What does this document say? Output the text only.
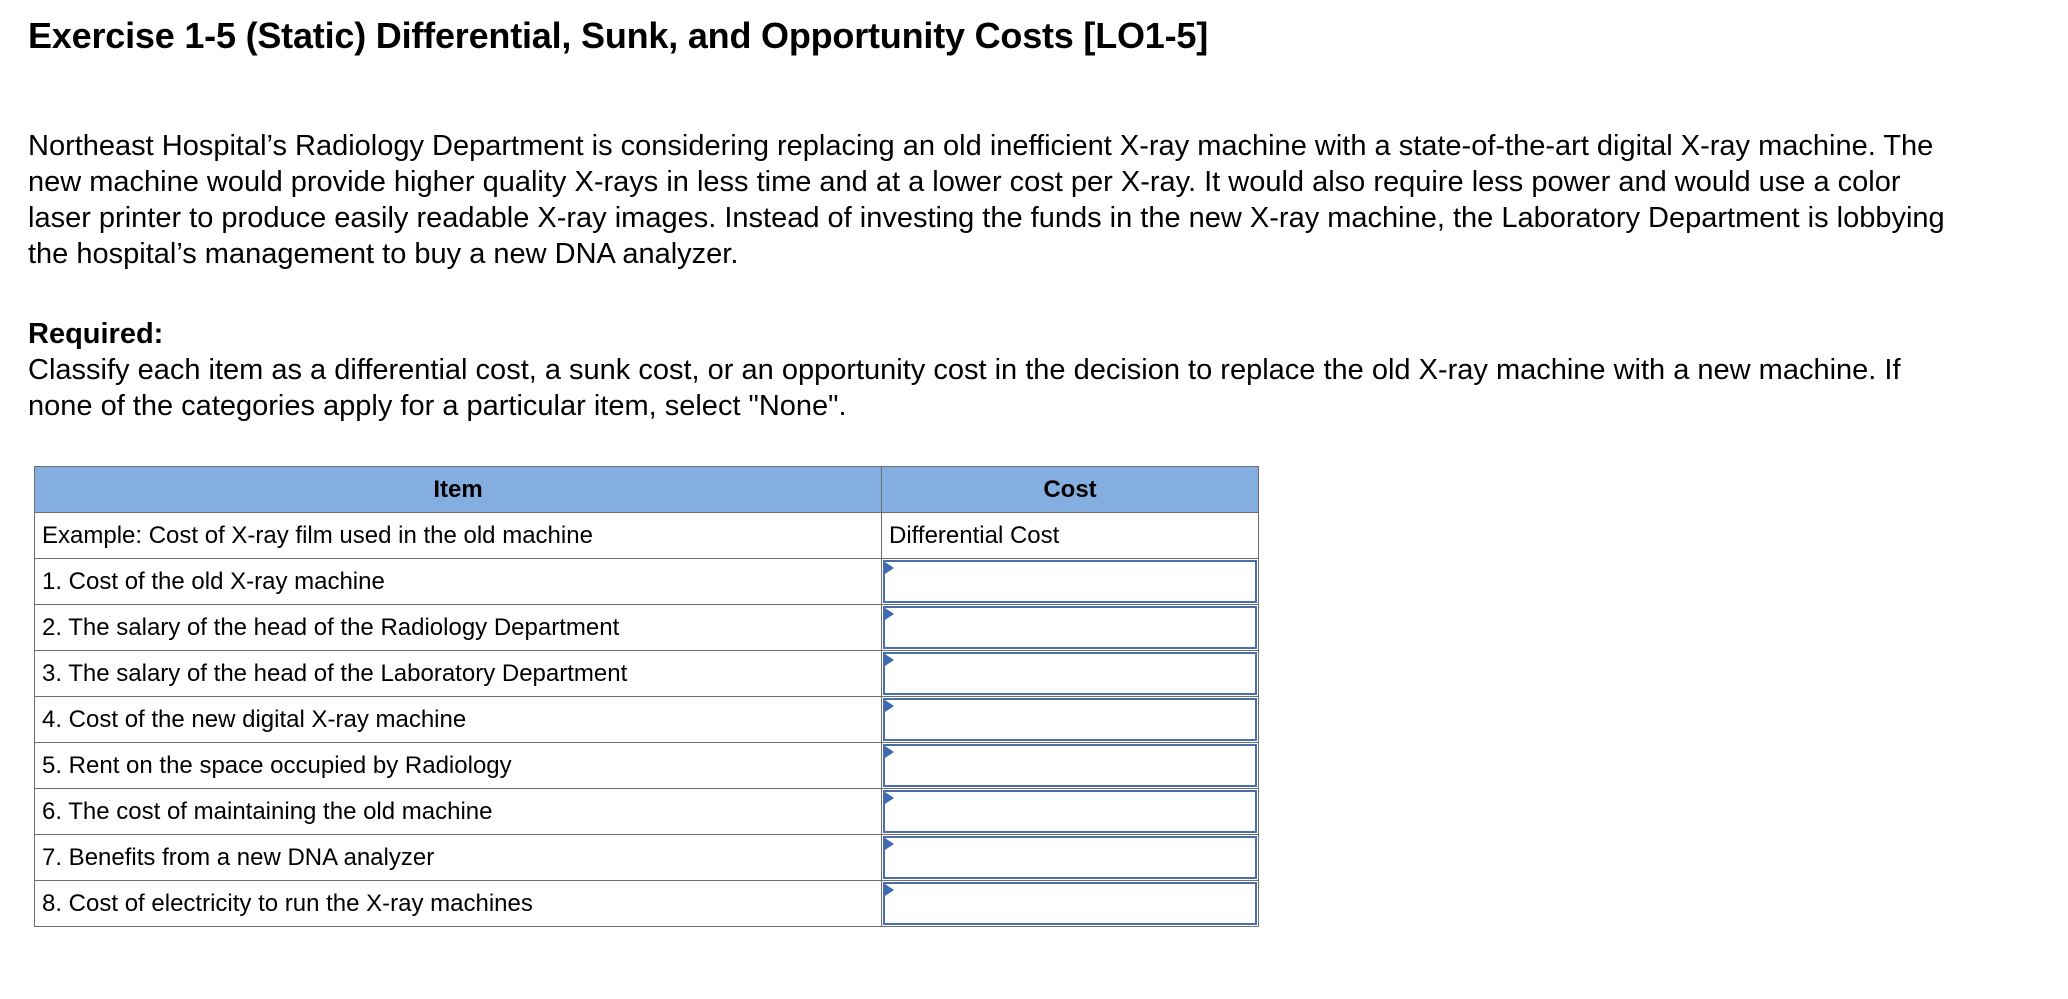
Exercise 1-5 (Static) Differential, Sunk, and Opportunity Costs [LO1-5]
Northeast Hospital’s Radiology Department is considering replacing an old inefficient X-ray machine with a state-of-the-art digital X-ray machine. The new machine would provide higher quality X-rays in less time and at a lower cost per X-ray. It would also require less power and would use a color laser printer to produce easily readable X-ray images. Instead of investing the funds in the new X-ray machine, the Laboratory Department is lobbying the hospital’s management to buy a new DNA analyzer.
Required:
Classify each item as a differential cost, a sunk cost, or an opportunity cost in the decision to replace the old X-ray machine with a new machine. If none of the categories apply for a particular item, select "None".
Item	Cost
Example: Cost of X-ray film used in the old machine	Differential Cost
1. Cost of the old X-ray machine	

2. The salary of the head of the Radiology Department	

3. The salary of the head of the Laboratory Department	

4. Cost of the new digital X-ray machine	

5. Rent on the space occupied by Radiology	

6. The cost of maintaining the old machine	

7. Benefits from a new DNA analyzer	

8. Cost of electricity to run the X-ray machines	
